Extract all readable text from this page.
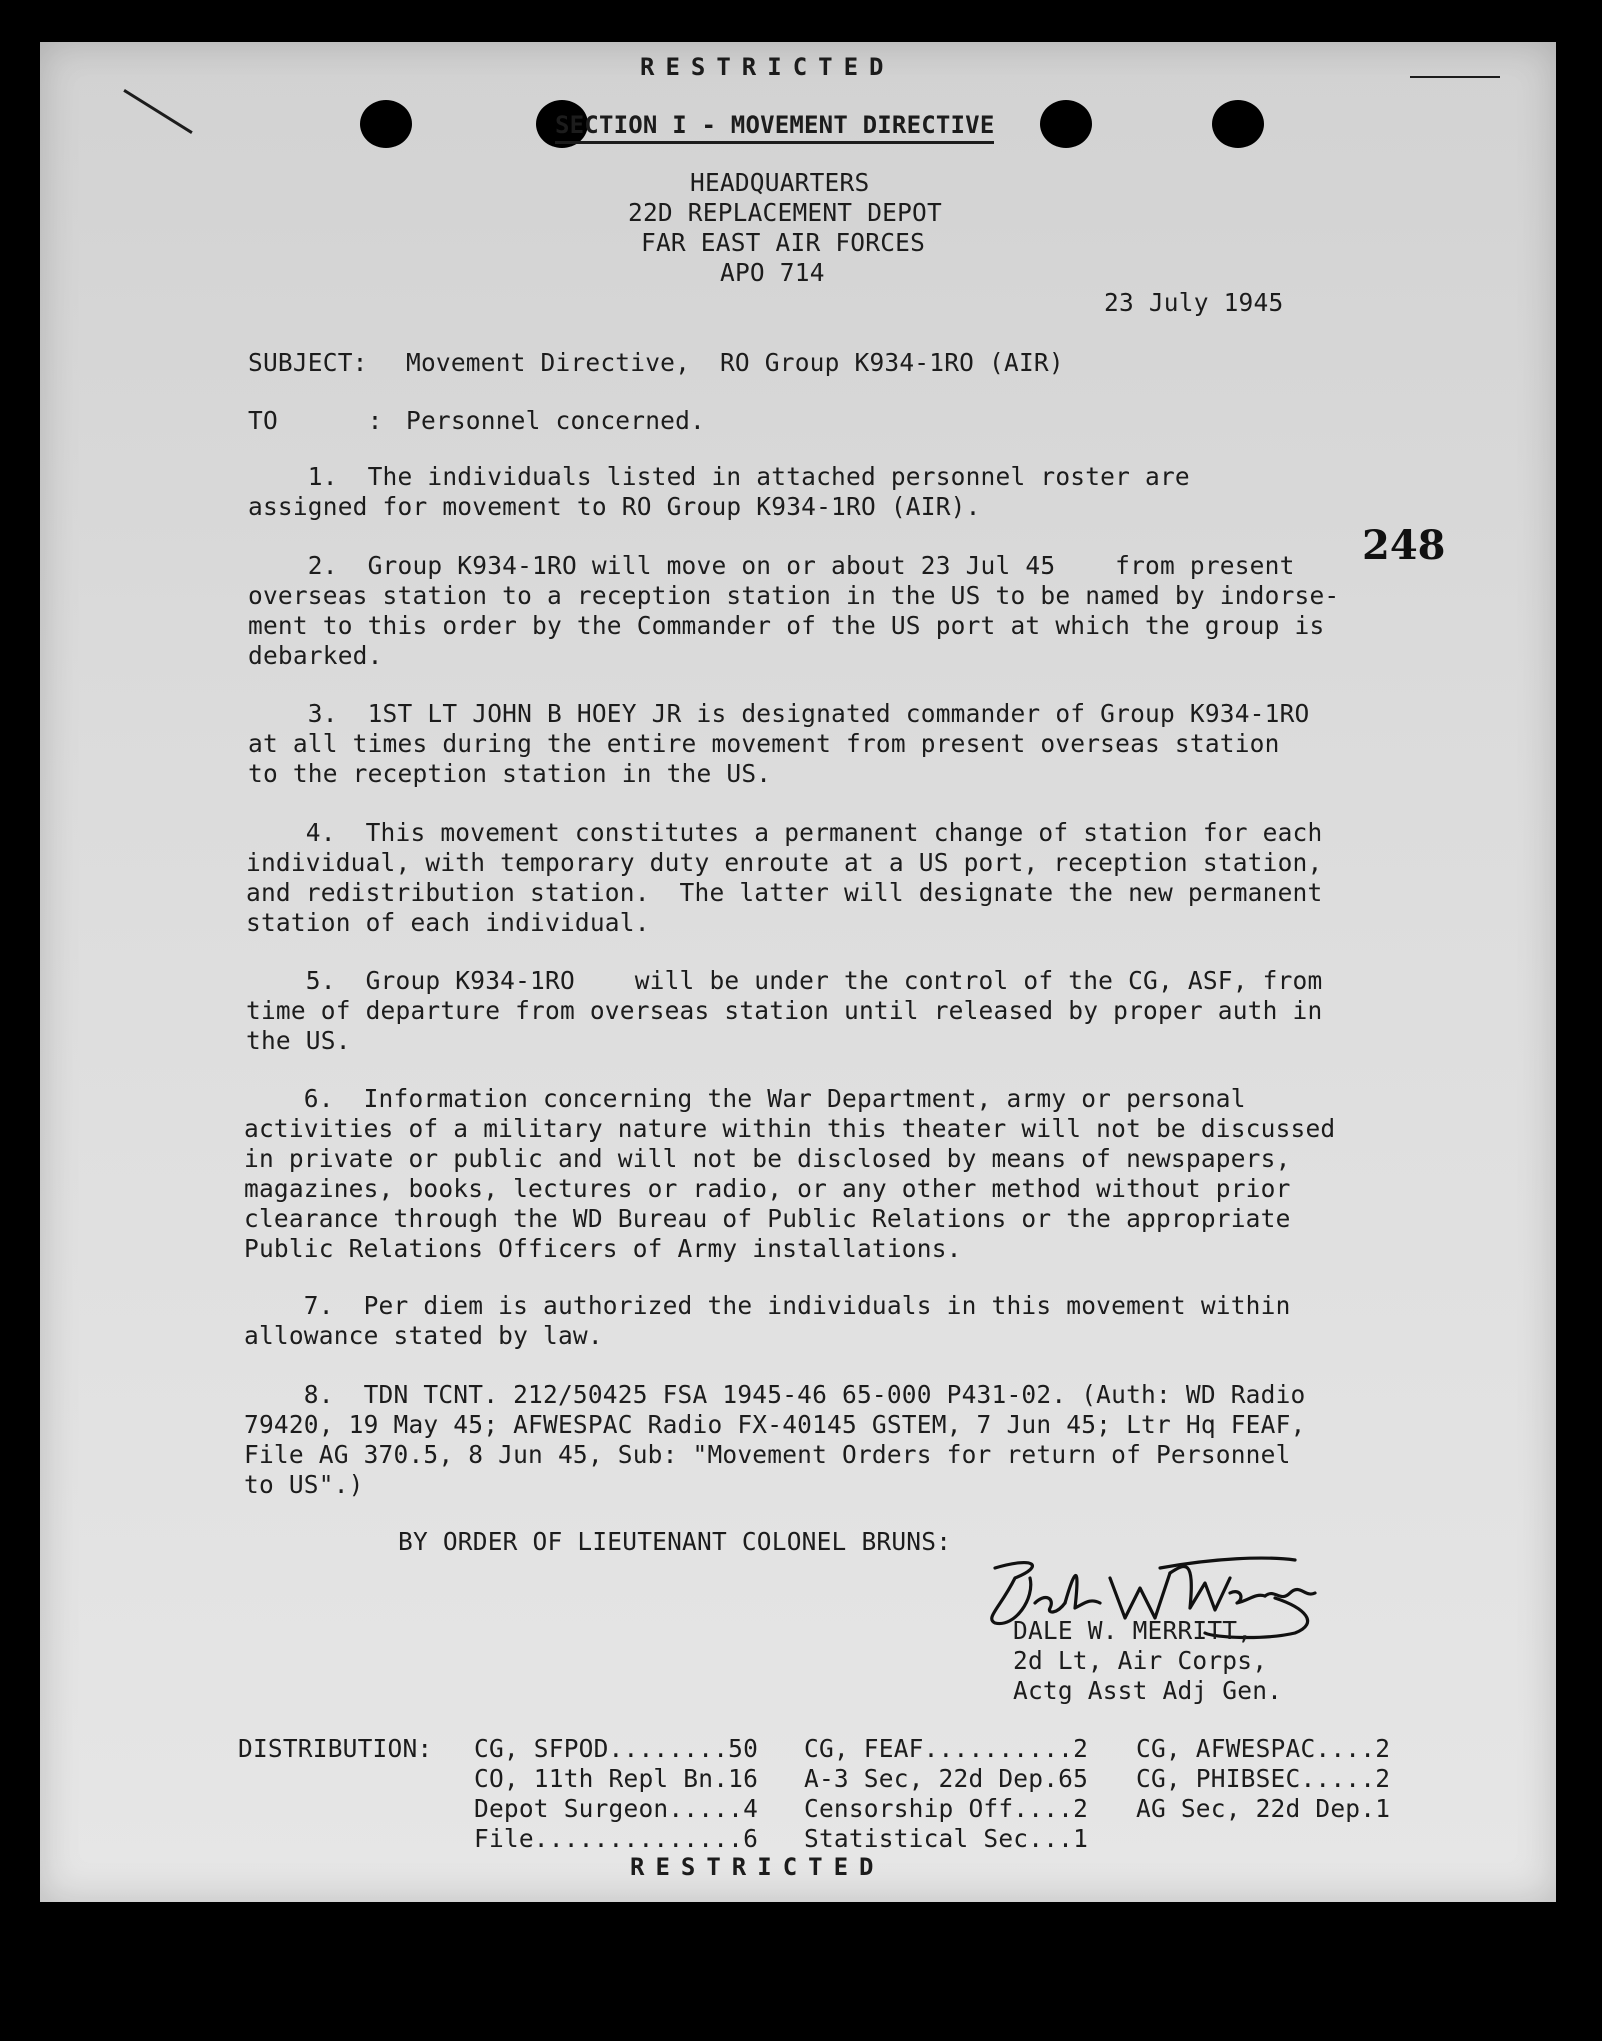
RESTRICTED
SECTION I - MOVEMENT DIRECTIVE
HEADQUARTERS
22D REPLACEMENT DEPOT
FAR EAST AIR FORCES
APO 714
23 July 1945
SUBJECT: Movement Directive,  RO Group K934-1RO (AIR)
TO      : Personnel concerned.
248
1.  The individuals listed in attached personnel roster are
assigned for movement to RO Group K934-1RO (AIR).
2.  Group K934-1RO will move on or about 23 Jul 45    from present
overseas station to a reception station in the US to be named by indorse-
ment to this order by the Commander of the US port at which the group is
debarked.
3.  1ST LT JOHN B HOEY JR is designated commander of Group K934-1RO
at all times during the entire movement from present overseas station
to the reception station in the US.
4.  This movement constitutes a permanent change of station for each
individual, with temporary duty enroute at a US port, reception station,
and redistribution station.  The latter will designate the new permanent
station of each individual.
5.  Group K934-1RO    will be under the control of the CG, ASF, from
time of departure from overseas station until released by proper auth in
the US.
6.  Information concerning the War Department, army or personal
activities of a military nature within this theater will not be discussed
in private or public and will not be disclosed by means of newspapers,
magazines, books, lectures or radio, or any other method without prior
clearance through the WD Bureau of Public Relations or the appropriate
Public Relations Officers of Army installations.
7.  Per diem is authorized the individuals in this movement within
allowance stated by law.
8.  TDN TCNT. 212/50425 FSA 1945-46 65-000 P431-02. (Auth: WD Radio
79420, 19 May 45; AFWESPAC Radio FX-40145 GSTEM, 7 Jun 45; Ltr Hq FEAF,
File AG 370.5, 8 Jun 45, Sub: "Movement Orders for return of Personnel
to US".)
BY ORDER OF LIEUTENANT COLONEL BRUNS:
DALE W. MERRITT,
2d Lt, Air Corps,
Actg Asst Adj Gen.
DISTRIBUTION: CG, SFPOD........50
CO, 11th Repl Bn.16
Depot Surgeon.....4
File..............6
CG, FEAF..........2
A-3 Sec, 22d Dep.65
Censorship Off....2
Statistical Sec...1
CG, AFWESPAC....2
CG, PHIBSEC.....2
AG Sec, 22d Dep.1
RESTRICTED
